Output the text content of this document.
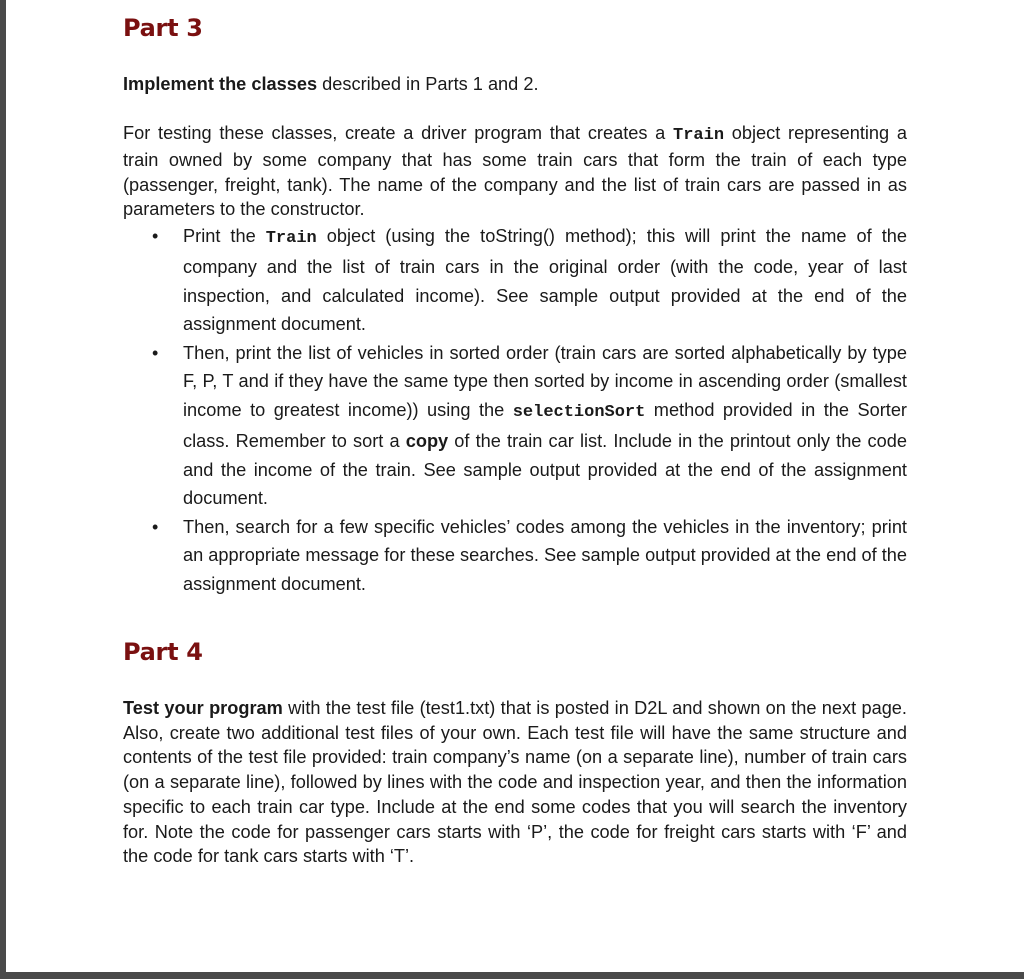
Part 3

Implement the classes described in Parts 1 and 2.

For testing these classes, create a driver program that creates a Train object representing a train owned by some company that has some train cars that form the train of each type (passenger, freight, tank). The name of the company and the list of train cars are passed in as parameters to the constructor.

• Print the Train object (using the toString() method); this will print the name of the company and the list of train cars in the original order (with the code, year of last inspection, and calculated income). See sample output provided at the end of the assignment document.
• Then, print the list of vehicles in sorted order (train cars are sorted alphabetically by type F, P, T and if they have the same type then sorted by income in ascending order (smallest income to greatest income)) using the selectionSort method provided in the Sorter class. Remember to sort a copy of the train car list. Include in the printout only the code and the income of the train. See sample output provided at the end of the assignment document.
• Then, search for a few specific vehicles’ codes among the vehicles in the inventory; print an appropriate message for these searches. See sample output provided at the end of the assignment document.
Part 4

Test your program with the test file (test1.txt) that is posted in D2L and shown on the next page. Also, create two additional test files of your own. Each test file will have the same structure and contents of the test file provided: train company’s name (on a separate line), number of train cars (on a separate line), followed by lines with the code and inspection year, and then the information specific to each train car type. Include at the end some codes that you will search the inventory for. Note the code for passenger cars starts with ‘P’, the code for freight cars starts with ‘F’ and the code for tank cars starts with ‘T’.
